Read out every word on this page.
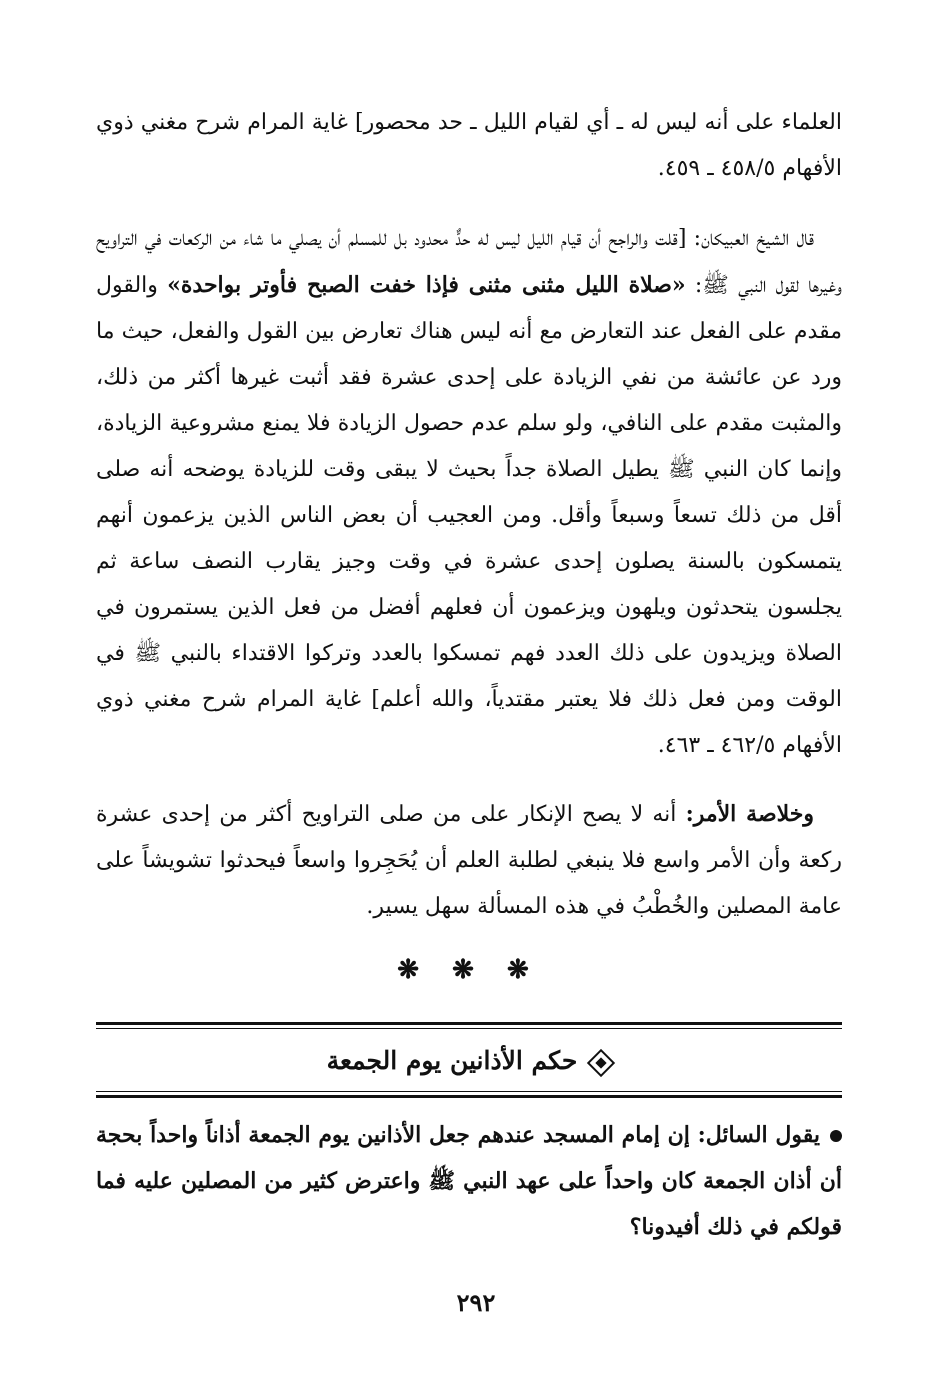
العلماء على أنه ليس له ـ أي لقيام الليل ـ حد محصور] غاية المرام شرح مغني ذوي الأفهام ٤٥٨/٥ ـ ٤٥٩.

قال الشيخ العبيكان: [قلت والراجح أن قيام الليل ليس له حدٌّ محدود بل للمسلم أن يصلي ما شاء من الركعات في التراويح وغيرها لقول النبي ﷺ: «صلاة الليل مثنى مثنى فإذا خفت الصبح فأوتر بواحدة» والقول مقدم على الفعل عند التعارض مع أنه ليس هناك تعارض بين القول والفعل، حيث ما ورد عن عائشة من نفي الزيادة على إحدى عشرة فقد أثبت غيرها أكثر من ذلك، والمثبت مقدم على النافي، ولو سلم عدم حصول الزيادة فلا يمنع مشروعية الزيادة، وإنما كان النبي ﷺ يطيل الصلاة جداً بحيث لا يبقى وقت للزيادة يوضحه أنه صلى أقل من ذلك تسعاً وسبعاً وأقل. ومن العجيب أن بعض الناس الذين يزعمون أنهم يتمسكون بالسنة يصلون إحدى عشرة في وقت وجيز يقارب النصف ساعة ثم يجلسون يتحدثون ويلهون ويزعمون أن فعلهم أفضل من فعل الذين يستمرون في الصلاة ويزيدون على ذلك العدد فهم تمسكوا بالعدد وتركوا الاقتداء بالنبي ﷺ في الوقت ومن فعل ذلك فلا يعتبر مقتدياً، والله أعلم] غاية المرام شرح مغني ذوي الأفهام ٤٦٢/٥ ـ ٤٦٣.

وخلاصة الأمر: أنه لا يصح الإنكار على من صلى التراويح أكثر من إحدى عشرة ركعة وأن الأمر واسع فلا ينبغي لطلبة العلم أن يُحَجِروا واسعاً فيحدثوا تشويشاً على عامة المصلين والخُطْبُ في هذه المسألة سهل يسير.

❋ ❋ ❋
حكم الأذانين يوم الجمعة

يقول السائل: إن إمام المسجد عندهم جعل الأذانين يوم الجمعة أذاناً واحداً بحجة أن أذان الجمعة كان واحداً على عهد النبي ﷺ واعترض كثير من المصلين عليه فما قولكم في ذلك أفيدونا؟

٢٩٢
